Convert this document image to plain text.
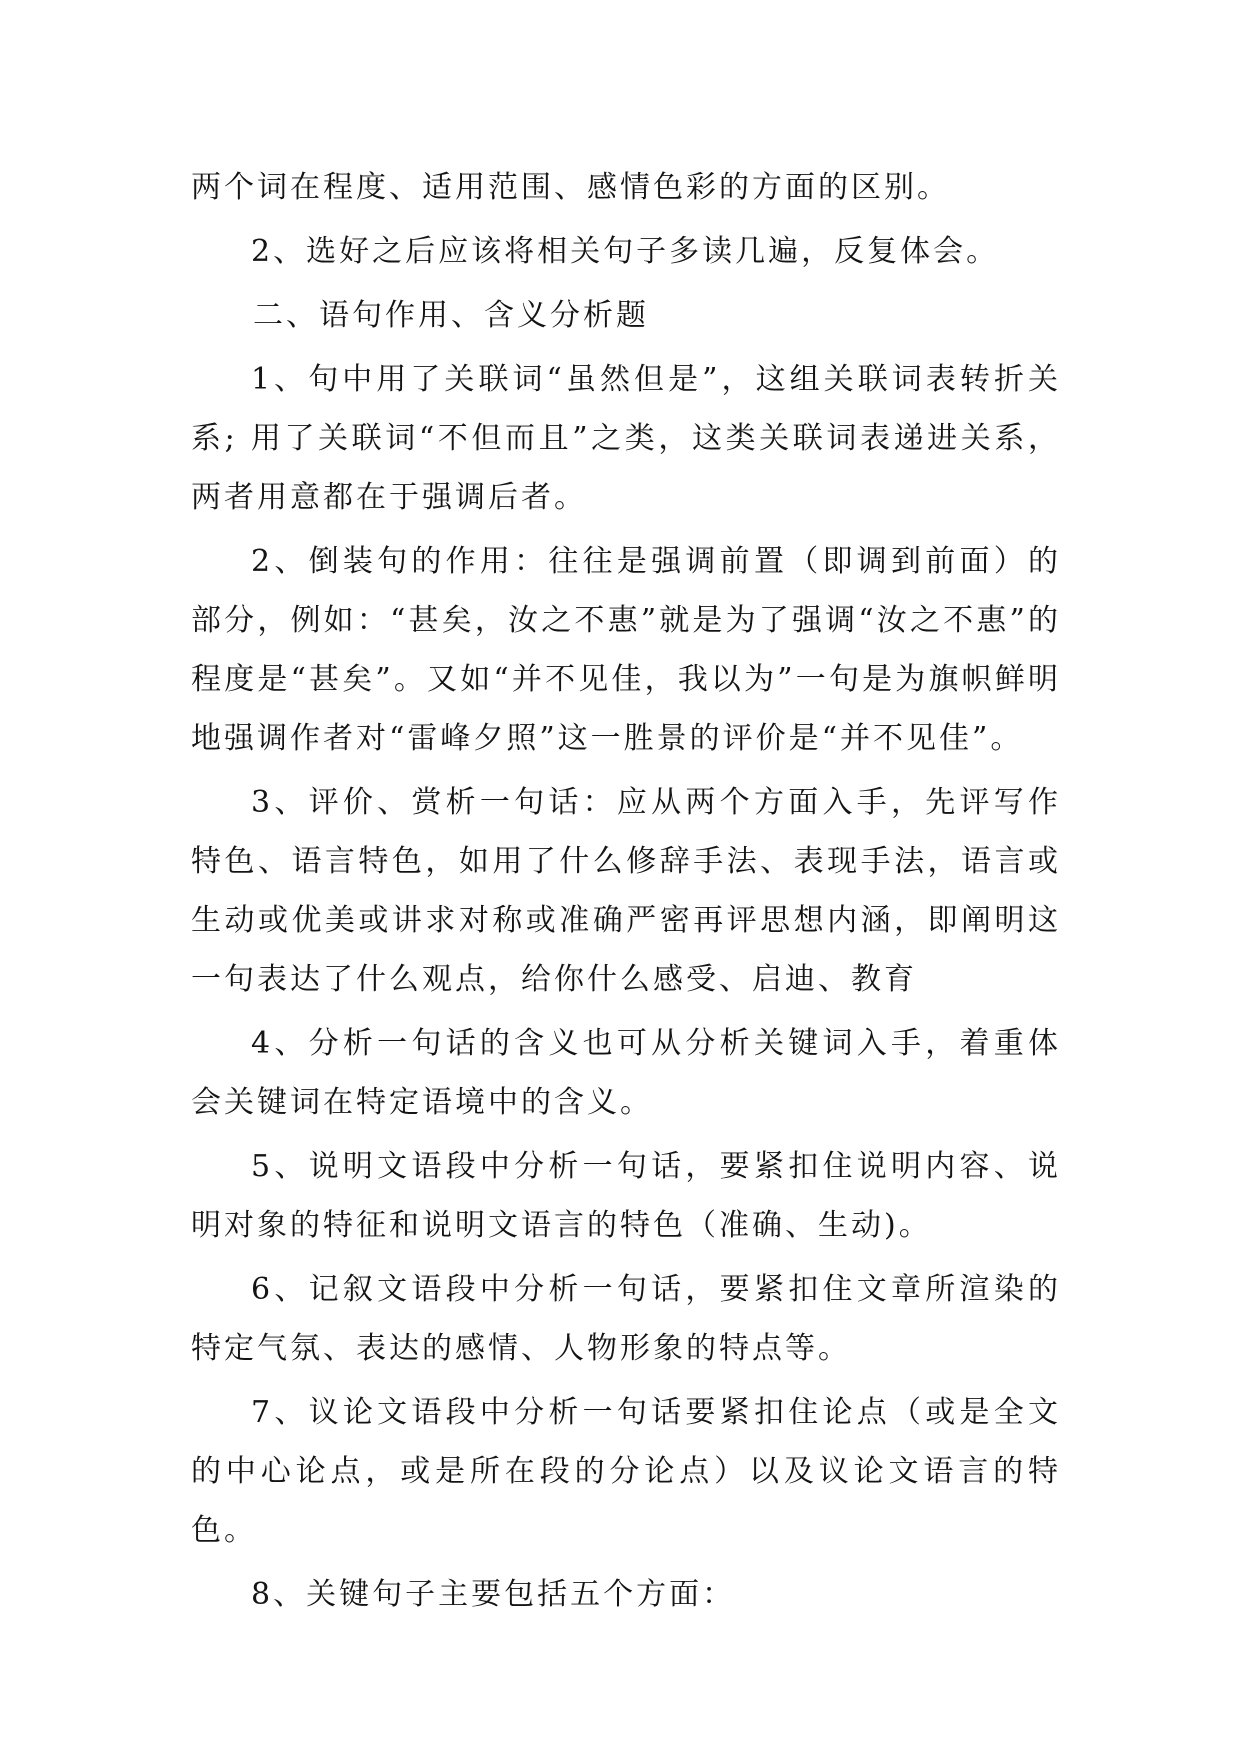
两个词在程度、适用范围、感情色彩的方面的区别。

2、选好之后应该将相关句子多读几遍，反复体会。

二、语句作用、含义分析题

1、句中用了关联词“虽然但是”，这组关联词表转折关系; 用了关联词“不但而且”之类，这类关联词表递进关系，两者用意都在于强调后者。

2、倒装句的作用：往往是强调前置（即调到前面）的部分，例如：“甚矣，汝之不惠”就是为了强调“汝之不惠”的程度是“甚矣”。又如“并不见佳，我以为”一句是为旗帜鲜明地强调作者对“雷峰夕照”这一胜景的评价是“并不见佳”。

3、评价、赏析一句话：应从两个方面入手，先评写作特色、语言特色，如用了什么修辞手法、表现手法，语言或生动或优美或讲求对称或准确严密再评思想内涵，即阐明这一句表达了什么观点，给你什么感受、启迪、教育

4、分析一句话的含义也可从分析关键词入手，着重体会关键词在特定语境中的含义。

5、说明文语段中分析一句话，要紧扣住说明内容、说明对象的特征和说明文语言的特色（准确、生动)。

6、记叙文语段中分析一句话，要紧扣住文章所渲染的特定气氛、表达的感情、人物形象的特点等。

7、议论文语段中分析一句话要紧扣住论点（或是全文的中心论点，或是所在段的分论点）以及议论文语言的特色。

8、关键句子主要包括五个方面：
